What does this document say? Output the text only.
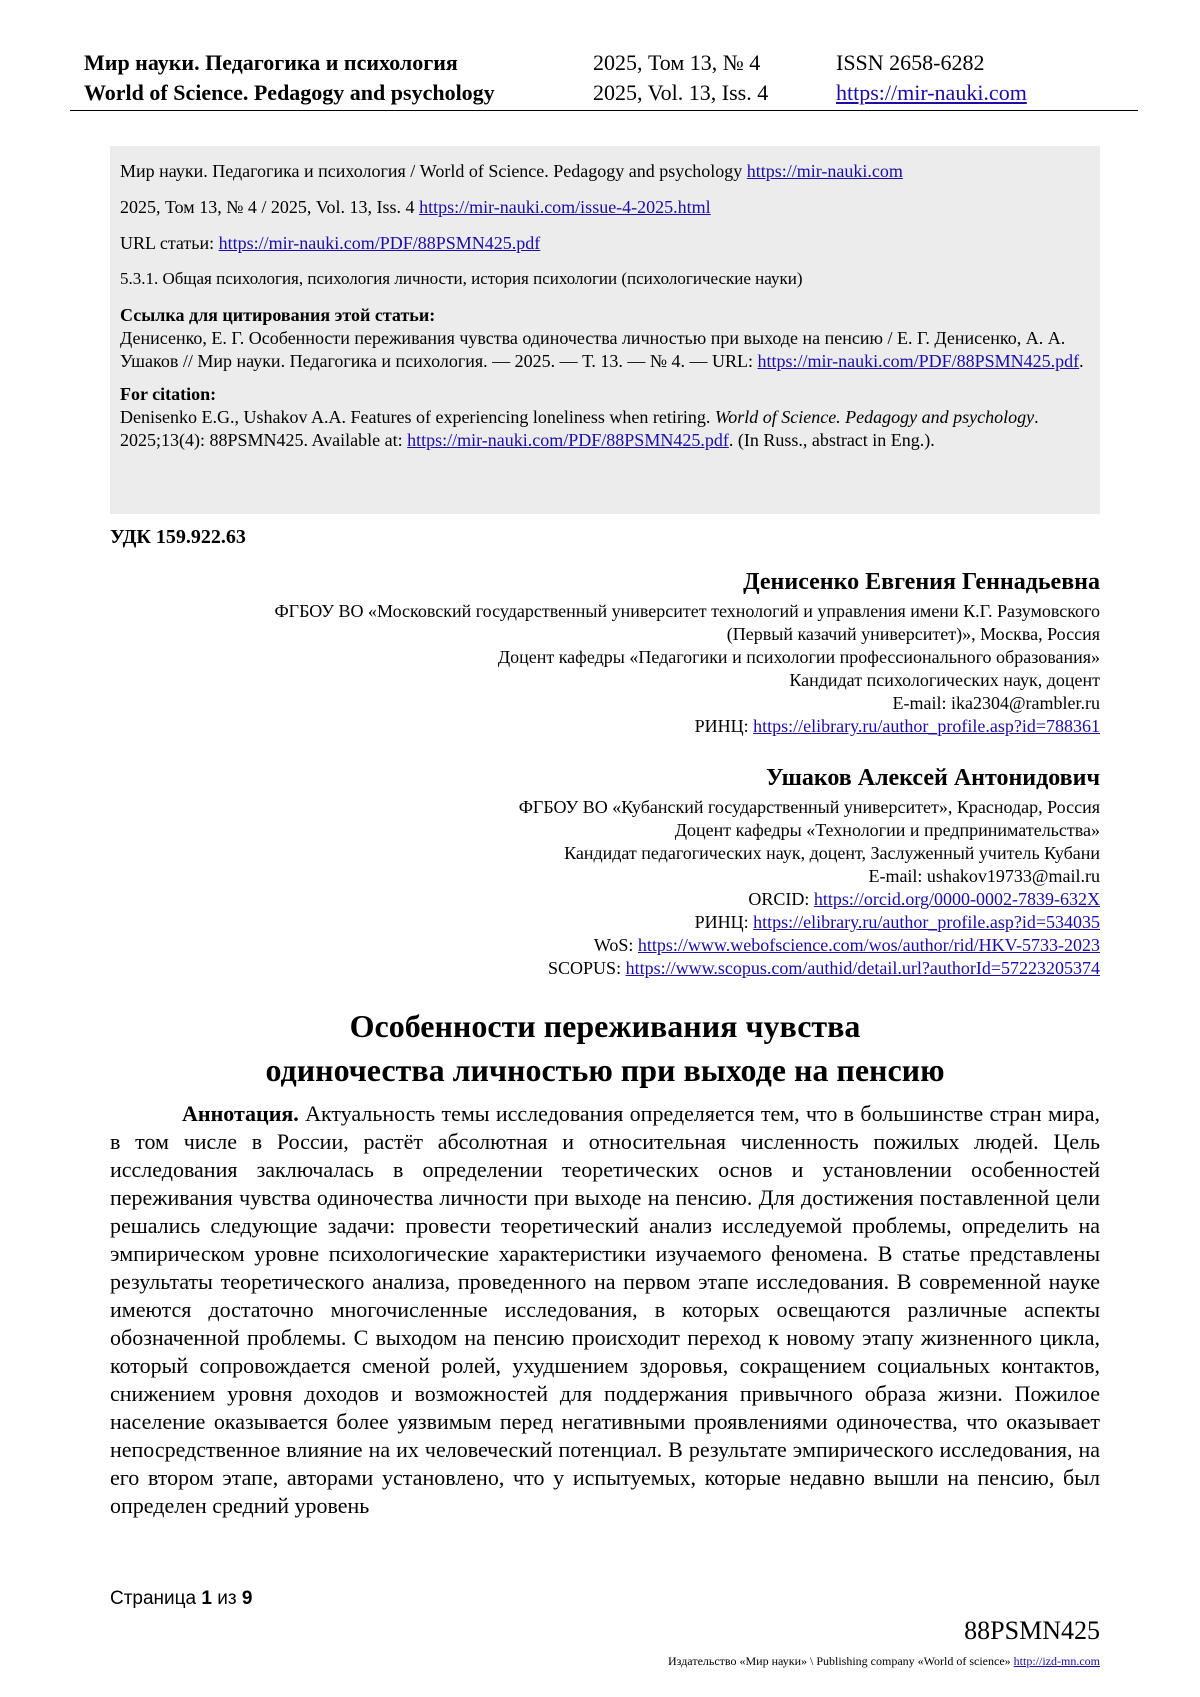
Мир науки. Педагогика и психология
World of Science. Pedagogy and psychology
2025, Том 13, № 4
2025, Vol. 13, Iss. 4
ISSN 2658-6282
https://mir-nauki.com

Мир науки. Педагогика и психология / World of Science. Pedagogy and psychology https://mir-nauki.com

2025, Том 13, № 4 / 2025, Vol. 13, Iss. 4 https://mir-nauki.com/issue-4-2025.html

URL статьи: https://mir-nauki.com/PDF/88PSMN425.pdf

5.3.1. Общая психология, психология личности, история психологии (психологические науки)

Ссылка для цитирования этой статьи:
Денисенко, Е. Г. Особенности переживания чувства одиночества личностью при выходе на пенсию / Е. Г. Денисенко, А. А. Ушаков // Мир науки. Педагогика и психология. — 2025. — Т. 13. — № 4. — URL: https://mir-nauki.com/PDF/88PSMN425.pdf.
For citation:
Denisenko E.G., Ushakov A.A. Features of experiencing loneliness when retiring. World of Science. Pedagogy and psychology. 2025;13(4): 88PSMN425. Available at: https://mir-nauki.com/PDF/88PSMN425.pdf. (In Russ., abstract in Eng.).
УДК 159.922.63
Денисенко Евгения Геннадьевна
ФГБОУ ВО «Московский государственный университет технологий и управления имени К.Г. Разумовского
(Первый казачий университет)», Москва, Россия
Доцент кафедры «Педагогики и психологии профессионального образования»
Кандидат психологических наук, доцент
E-mail: ika2304@rambler.ru
РИНЦ: https://elibrary.ru/author_profile.asp?id=788361
Ушаков Алексей Антонидович
ФГБОУ ВО «Кубанский государственный университет», Краснодар, Россия
Доцент кафедры «Технологии и предпринимательства»
Кандидат педагогических наук, доцент, Заслуженный учитель Кубани
E-mail: ushakov19733@mail.ru
ORCID: https://orcid.org/0000-0002-7839-632X
РИНЦ: https://elibrary.ru/author_profile.asp?id=534035
WoS: https://www.webofscience.com/wos/author/rid/HKV-5733-2023
SCOPUS: https://www.scopus.com/authid/detail.url?authorId=57223205374
Особенности переживания чувства
одиночества личностью при выходе на пенсию

Аннотация. Актуальность темы исследования определяется тем, что в большинстве стран мира, в том числе в России, растёт абсолютная и относительная численность пожилых людей. Цель исследования заключалась в определении теоретических основ и установлении особенностей переживания чувства одиночества личности при выходе на пенсию. Для достижения поставленной цели решались следующие задачи: провести теоретический анализ исследуемой проблемы, определить на эмпирическом уровне психологические характеристики изучаемого феномена. В статье представлены результаты теоретического анализа, проведенного на первом этапе исследования. В современной науке имеются достаточно многочисленные исследования, в которых освещаются различные аспекты обозначенной проблемы. С выходом на пенсию происходит переход к новому этапу жизненного цикла, который сопровождается сменой ролей, ухудшением здоровья, сокращением социальных контактов, снижением уровня доходов и возможностей для поддержания привычного образа жизни. Пожилое население оказывается более уязвимым перед негативными проявлениями одиночества, что оказывает непосредственное влияние на их человеческий потенциал. В результате эмпирического исследования, на его втором этапе, авторами установлено, что у испытуемых, которые недавно вышли на пенсию, был определен средний уровень

Страница 1 из 9
88PSMN425
Издательство «Мир науки» \ Publishing company «World of science» http://izd-mn.com
